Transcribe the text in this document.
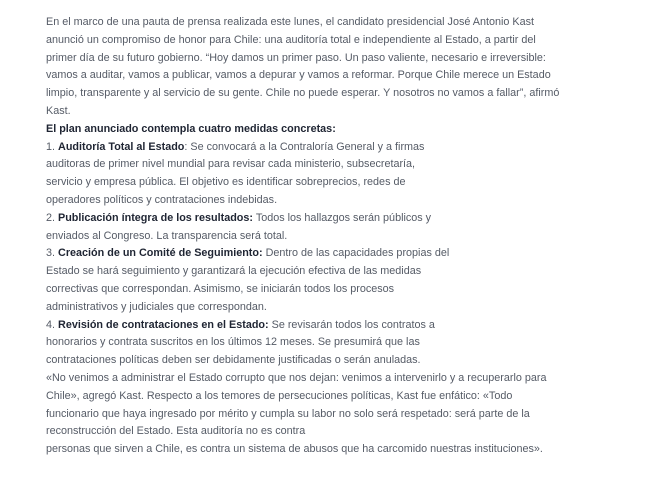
En el marco de una pauta de prensa realizada este lunes, el candidato presidencial José Antonio Kast
anunció un compromiso de honor para Chile: una auditoría total e independiente al Estado, a partir del
primer día de su futuro gobierno. “Hoy damos un primer paso. Un paso valiente, necesario e irreversible:
vamos a auditar, vamos a publicar, vamos a depurar y vamos a reformar. Porque Chile merece un Estado
limpio, transparente y al servicio de su gente. Chile no puede esperar. Y nosotros no vamos a fallar”, afirmó
Kast.
El plan anunciado contempla cuatro medidas concretas:
1. Auditoría Total al Estado: Se convocará a la Contraloría General y a firmas
auditoras de primer nivel mundial para revisar cada ministerio, subsecretaría,
servicio y empresa pública. El objetivo es identificar sobreprecios, redes de
operadores políticos y contrataciones indebidas.
2. Publicación íntegra de los resultados: Todos los hallazgos serán públicos y
enviados al Congreso. La transparencia será total.
3. Creación de un Comité de Seguimiento: Dentro de las capacidades propias del
Estado se hará seguimiento y garantizará la ejecución efectiva de las medidas
correctivas que correspondan. Asimismo, se iniciarán todos los procesos
administrativos y judiciales que correspondan.
4. Revisión de contrataciones en el Estado: Se revisarán todos los contratos a
honorarios y contrata suscritos en los últimos 12 meses. Se presumirá que las
contrataciones políticas deben ser debidamente justificadas o serán anuladas.
«No venimos a administrar el Estado corrupto que nos dejan: venimos a intervenirlo y a recuperarlo para
Chile», agregó Kast. Respecto a los temores de persecuciones políticas, Kast fue enfático: «Todo
funcionario que haya ingresado por mérito y cumpla su labor no solo será respetado: será parte de la
reconstrucción del Estado. Esta auditoría no es contra
personas que sirven a Chile, es contra un sistema de abusos que ha carcomido nuestras instituciones».
